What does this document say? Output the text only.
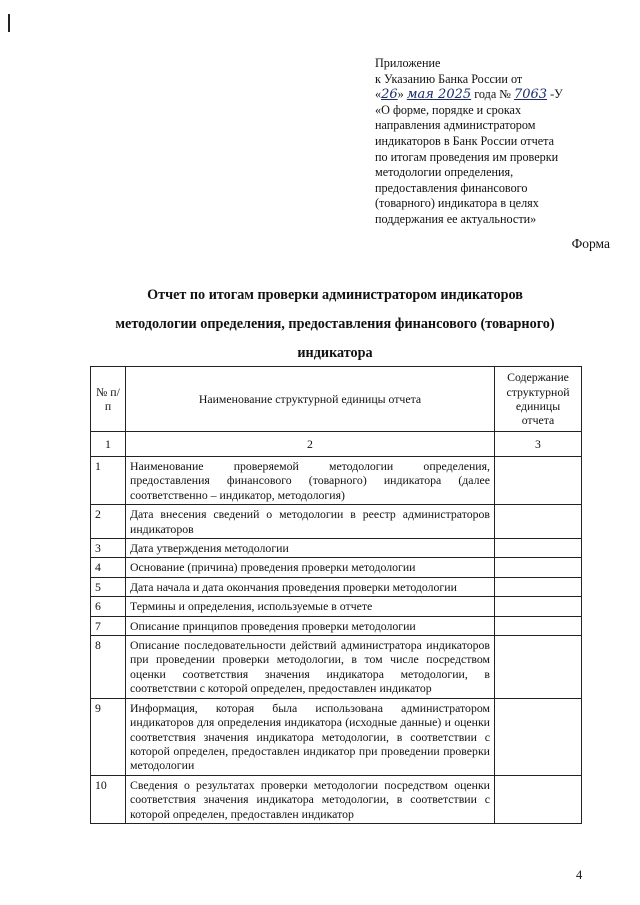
Приложение
к Указанию Банка России от
«26» мая 2025 года № 7063 -У
«О форме, порядке и сроках
направления администратором
индикаторов в Банк России отчета
по итогам проведения им проверки
методологии определения,
предоставления финансового
(товарного) индикатора в целях
поддержания ее актуальности»
Форма
Отчет по итогам проверки администратором индикаторов
методологии определения, предоставления финансового (товарного)
индикатора
№ п/п	Наименование структурной единицы отчета	Содержание структурной единицы отчета
1	2	3
1	Наименование проверяемой методологии определения, предоставления финансового (товарного) индикатора (далее соответственно – индикатор, методология)	
2	Дата внесения сведений о методологии в реестр администраторов индикаторов	
3	Дата утверждения методологии	
4	Основание (причина) проведения проверки методологии	
5	Дата начала и дата окончания проведения проверки методологии	
6	Термины и определения, используемые в отчете	
7	Описание принципов проведения проверки методологии	
8	Описание последовательности действий администратора индикаторов при проведении проверки методологии, в том числе посредством оценки соответствия значения индикатора методологии, в соответствии с которой определен, предоставлен индикатор	
9	Информация, которая была использована администратором индикаторов для определения индикатора (исходные данные) и оценки соответствия значения индикатора методологии, в соответствии с которой определен, предоставлен индикатор при проведении проверки методологии	
10	Сведения о результатах проверки методологии посредством оценки соответствия значения индикатора методологии, в соответствии с которой определен, предоставлен индикатор	
4
